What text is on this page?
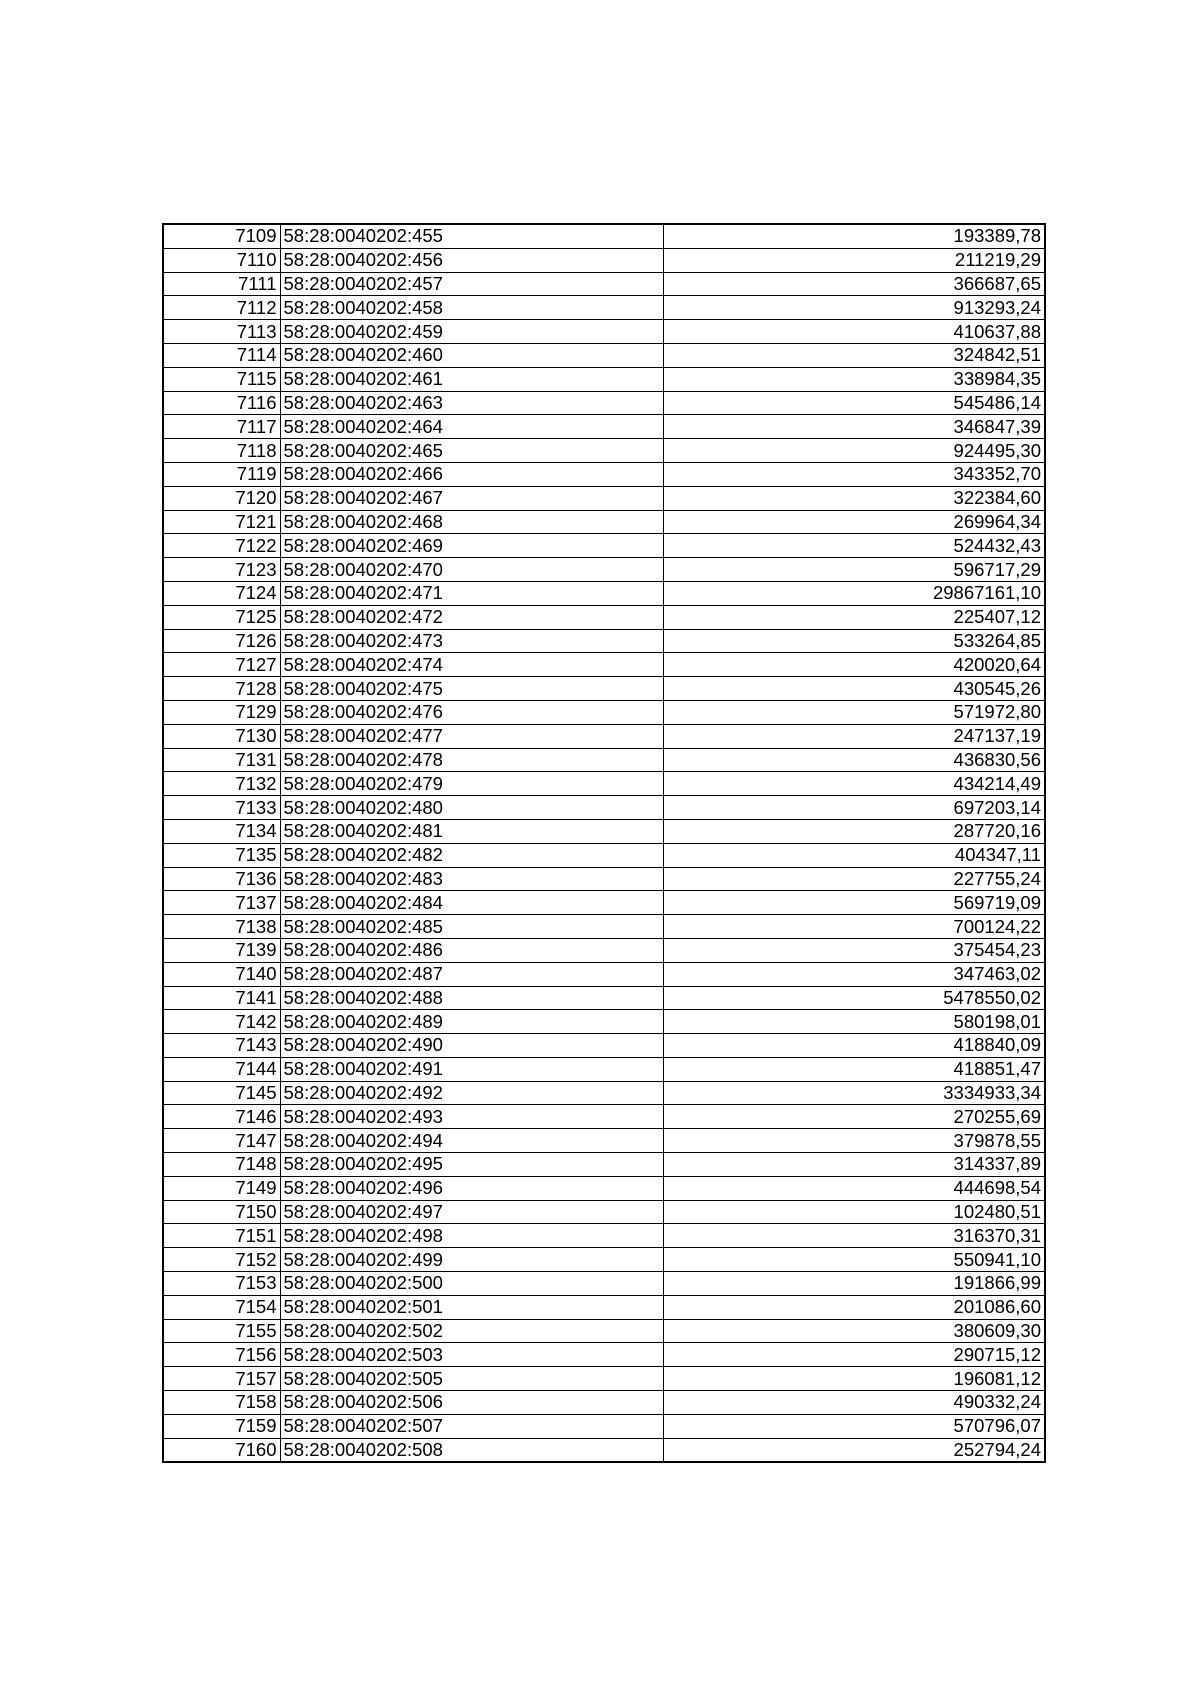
7109	58:28:0040202:455	193389,78
7110	58:28:0040202:456	211219,29
7111	58:28:0040202:457	366687,65
7112	58:28:0040202:458	913293,24
7113	58:28:0040202:459	410637,88
7114	58:28:0040202:460	324842,51
7115	58:28:0040202:461	338984,35
7116	58:28:0040202:463	545486,14
7117	58:28:0040202:464	346847,39
7118	58:28:0040202:465	924495,30
7119	58:28:0040202:466	343352,70
7120	58:28:0040202:467	322384,60
7121	58:28:0040202:468	269964,34
7122	58:28:0040202:469	524432,43
7123	58:28:0040202:470	596717,29
7124	58:28:0040202:471	29867161,10
7125	58:28:0040202:472	225407,12
7126	58:28:0040202:473	533264,85
7127	58:28:0040202:474	420020,64
7128	58:28:0040202:475	430545,26
7129	58:28:0040202:476	571972,80
7130	58:28:0040202:477	247137,19
7131	58:28:0040202:478	436830,56
7132	58:28:0040202:479	434214,49
7133	58:28:0040202:480	697203,14
7134	58:28:0040202:481	287720,16
7135	58:28:0040202:482	404347,11
7136	58:28:0040202:483	227755,24
7137	58:28:0040202:484	569719,09
7138	58:28:0040202:485	700124,22
7139	58:28:0040202:486	375454,23
7140	58:28:0040202:487	347463,02
7141	58:28:0040202:488	5478550,02
7142	58:28:0040202:489	580198,01
7143	58:28:0040202:490	418840,09
7144	58:28:0040202:491	418851,47
7145	58:28:0040202:492	3334933,34
7146	58:28:0040202:493	270255,69
7147	58:28:0040202:494	379878,55
7148	58:28:0040202:495	314337,89
7149	58:28:0040202:496	444698,54
7150	58:28:0040202:497	102480,51
7151	58:28:0040202:498	316370,31
7152	58:28:0040202:499	550941,10
7153	58:28:0040202:500	191866,99
7154	58:28:0040202:501	201086,60
7155	58:28:0040202:502	380609,30
7156	58:28:0040202:503	290715,12
7157	58:28:0040202:505	196081,12
7158	58:28:0040202:506	490332,24
7159	58:28:0040202:507	570796,07
7160	58:28:0040202:508	252794,24
